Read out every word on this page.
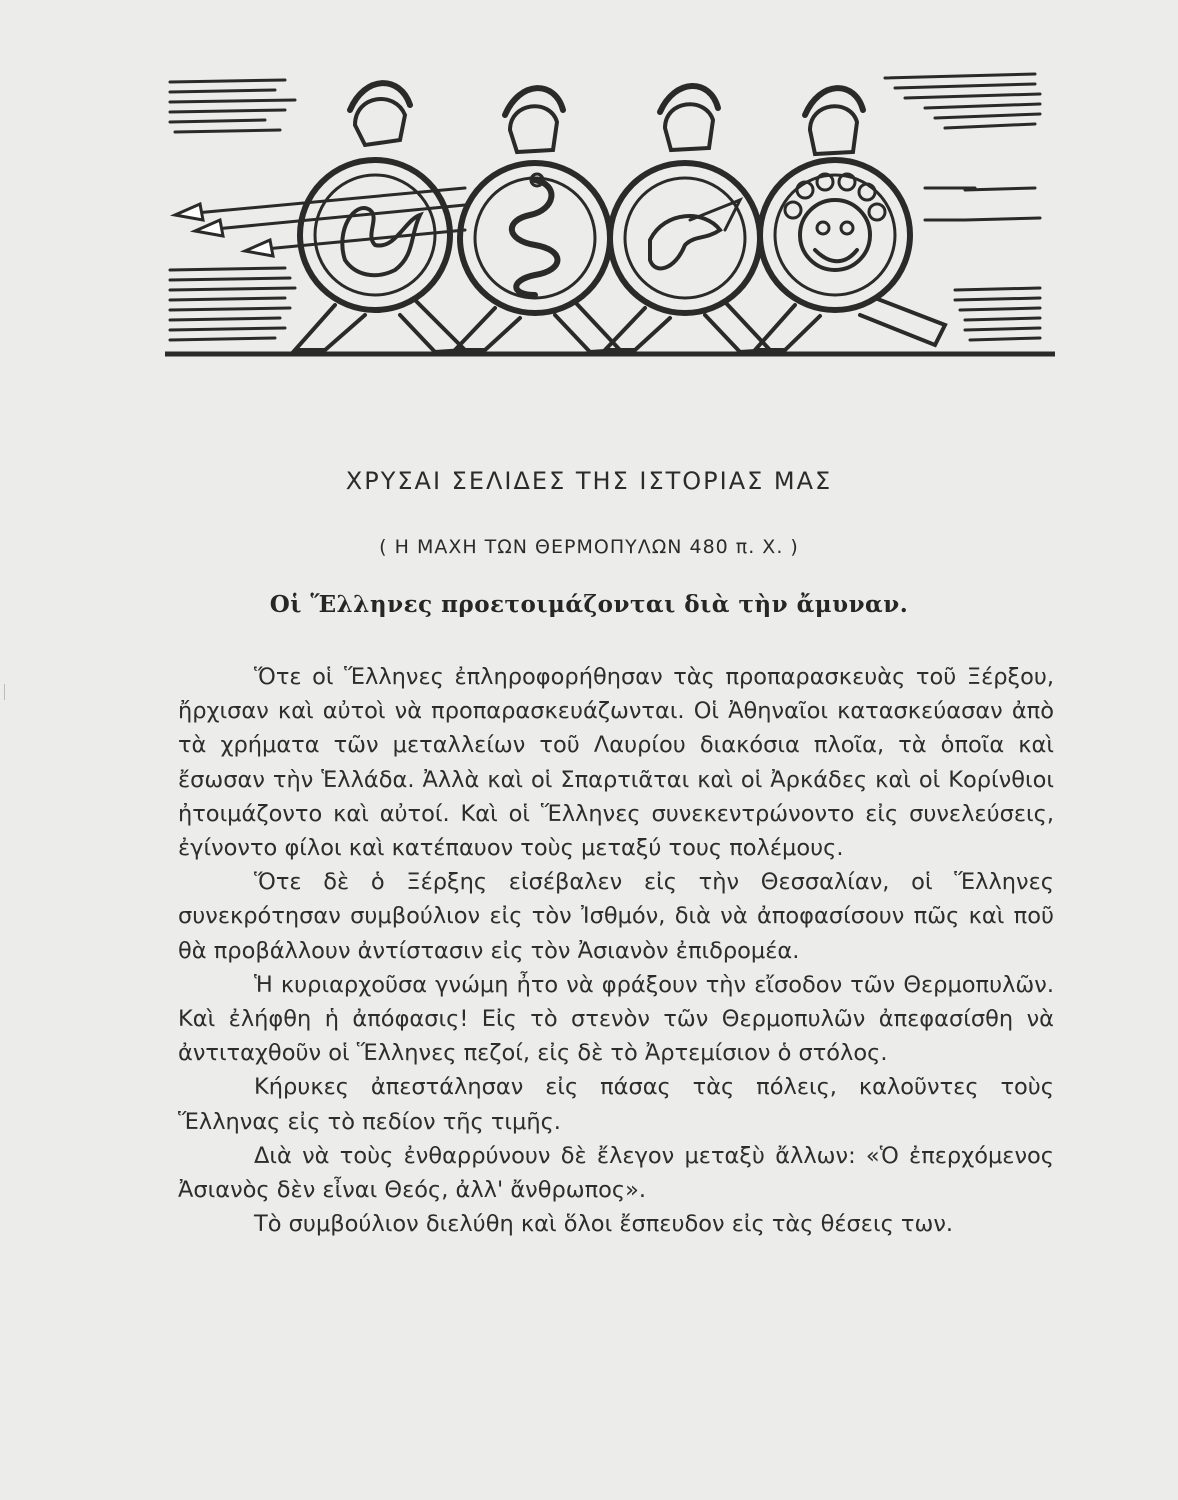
ΧΡΥΣΑΙ ΣΕΛΙΔΕΣ ΤΗΣ ΙΣΤΟΡΙΑΣ ΜΑΣ
( Η ΜΑΧΗ ΤΩΝ ΘΕΡΜΟΠΥΛΩΝ 480 π. Χ. )
Οἱ Ἕλληνες προετοιμάζονται διὰ τὴν ἄμυναν.

Ὅτε οἱ Ἕλληνες ἐπληροφορήθησαν τὰς προπαρασκευὰς τοῦ Ξέρξου, ἤρχισαν καὶ αὐτοὶ νὰ προπαρασκευάζωνται. Οἱ Ἀθηναῖοι κατασκεύασαν ἀπὸ τὰ χρήματα τῶν μεταλλείων τοῦ Λαυρίου διακόσια πλοῖα, τὰ ὁποῖα καὶ ἔσωσαν τὴν Ἑλλάδα. Ἀλλὰ καὶ οἱ Σπαρτιᾶται καὶ οἱ Ἀρκάδες καὶ οἱ Κορίνθιοι ἠτοιμάζοντο καὶ αὐτοί. Καὶ οἱ Ἕλληνες συνεκεντρώνοντο εἰς συνελεύσεις, ἐγίνοντο φίλοι καὶ κατέπαυον τοὺς μεταξύ τους πολέμους.

Ὅτε δὲ ὁ Ξέρξης εἰσέβαλεν εἰς τὴν Θεσσαλίαν, οἱ Ἕλληνες συνεκρότησαν συμβούλιον εἰς τὸν Ἰσθμόν, διὰ νὰ ἀποφασίσουν πῶς καὶ ποῦ θὰ προβάλλουν ἀντίστασιν εἰς τὸν Ἀσιανὸν ἐπιδρομέα.

Ἡ κυριαρχοῦσα γνώμη ἦτο νὰ φράξουν τὴν εἴσοδον τῶν Θερμοπυλῶν. Καὶ ἐλήφθη ἡ ἀπόφασις! Εἰς τὸ στενὸν τῶν Θερμοπυλῶν ἀπεφασίσθη νὰ ἀντιταχθοῦν οἱ Ἕλληνες πεζοί, εἰς δὲ τὸ Ἀρτεμίσιον ὁ στόλος.

Κήρυκες ἀπεστάλησαν εἰς πάσας τὰς πόλεις, καλοῦντες τοὺς Ἕλληνας εἰς τὸ πεδίον τῆς τιμῆς.

Διὰ νὰ τοὺς ἐνθαρρύνουν δὲ ἔλεγον μεταξὺ ἄλλων: «Ὁ ἐπερχόμενος Ἀσιανὸς δὲν εἶναι Θεός, ἀλλ' ἄνθρωπος».

Τὸ συμβούλιον διελύθη καὶ ὅλοι ἔσπευδον εἰς τὰς θέσεις των.
